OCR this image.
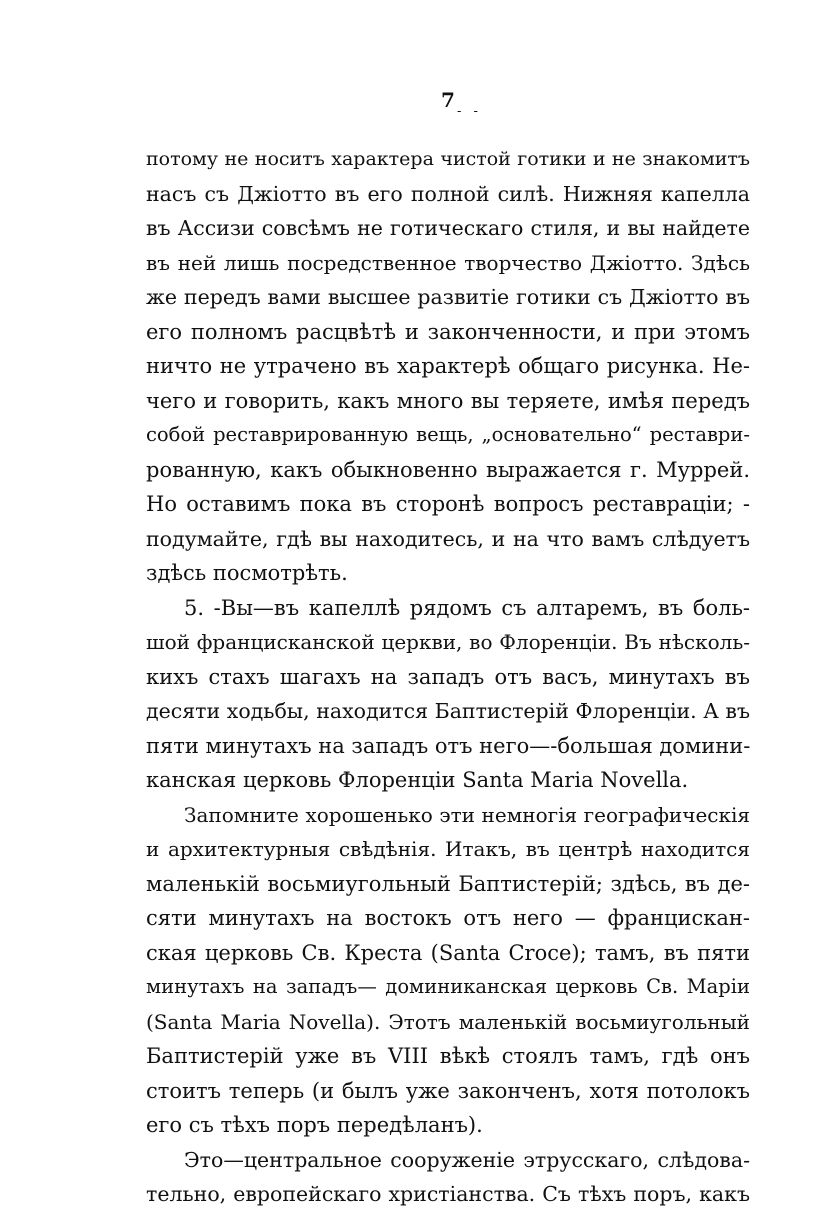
7 - -
потому не носитъ характера чистой готики и не знакомитъ
насъ съ Джiотто въ его полной силѣ. Нижняя капелла
въ Ассизи совсѣмъ не готическаго стиля, и вы найдете
въ ней лишь посредственное творчество Джiотто. Здѣсь
же передъ вами высшее развитie готики съ Джiотто въ
его полномъ расцвѣтѣ и законченности, и при этомъ
ничто не утрачено въ характерѣ общаго рисунка. Не-
чего и говорить, какъ много вы теряете, имѣя передъ
собой реставрированную вещь, „основательно“ реставри-
рованную, какъ обыкновенно выражается г. Муррей.
Но оставимъ пока въ сторонѣ вопросъ реставрацiи; -
подумайте, гдѣ вы находитесь, и на что вамъ слѣдуетъ
здѣсь посмотрѣть.
5. -Вы—въ капеллѣ рядомъ съ алтаремъ, въ боль-
шой францисканской церкви, во Флоренцiи. Въ нѣсколь-
кихъ стахъ шагахъ на западъ отъ васъ, минутахъ въ
десяти ходьбы, находится Баптистерiй Флоренцiи. А въ
пяти минутахъ на западъ отъ него—-большая домини-
канская церковь Флоренцiи Santa Maria Novella.
Запомните хорошенько эти немногiя географическiя
и архитектурныя свѣдѣнiя. Итакъ, въ центрѣ находится
маленькiй восьмиугольный Баптистерiй; здѣсь, въ де-
сяти минутахъ на востокъ отъ него — францискан-
ская церковь Св. Креста (Santa Croce); тамъ, въ пяти
минутахъ на западъ— доминиканская церковь Св. Марiи
(Santa Maria Novella). Этотъ маленькiй восьмиугольный
Баптистерiй уже въ VIII вѣкѣ стоялъ тамъ, гдѣ онъ
стоитъ теперь (и былъ уже законченъ, хотя потолокъ
его съ тѣхъ поръ передѣланъ).
Это—центральное сооруженiе этрусскаго, слѣдова-
тельно, европейскаго христiанства. Съ тѣхъ поръ, какъ
